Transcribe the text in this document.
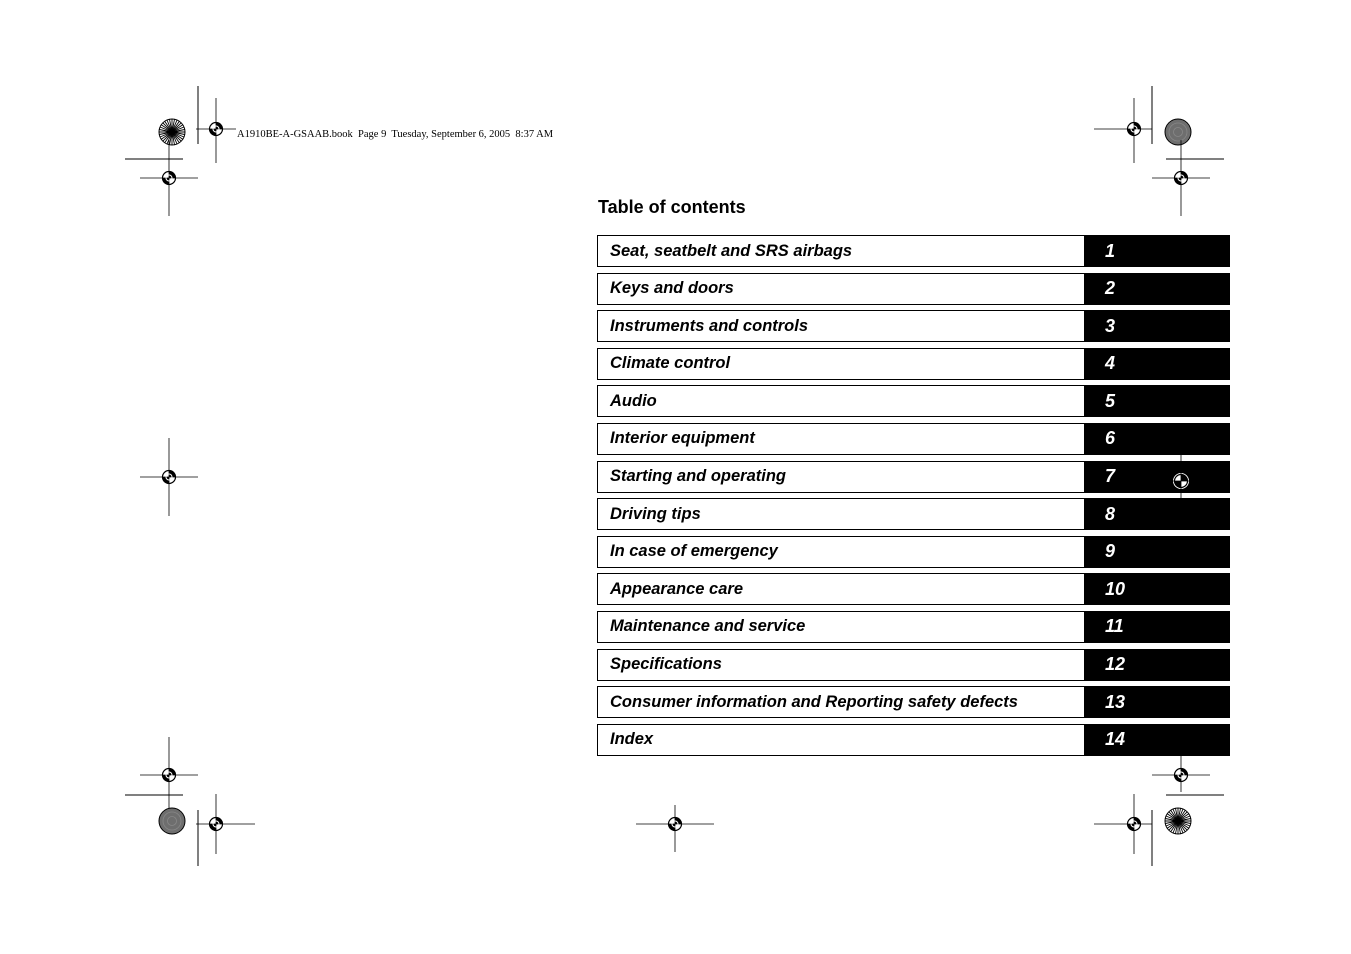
A1910BE-A-GSAAB.book  Page 9  Tuesday, September 6, 2005  8:37 AM
Table of contents
Seat, seatbelt and SRS airbags	1
Keys and doors	2
Instruments and controls	3
Climate control	4
Audio	5
Interior equipment	6
Starting and operating	7
Driving tips	8
In case of emergency	9
Appearance care	10
Maintenance and service	11
Specifications	12
Consumer information and Reporting safety defects	13
Index	14
